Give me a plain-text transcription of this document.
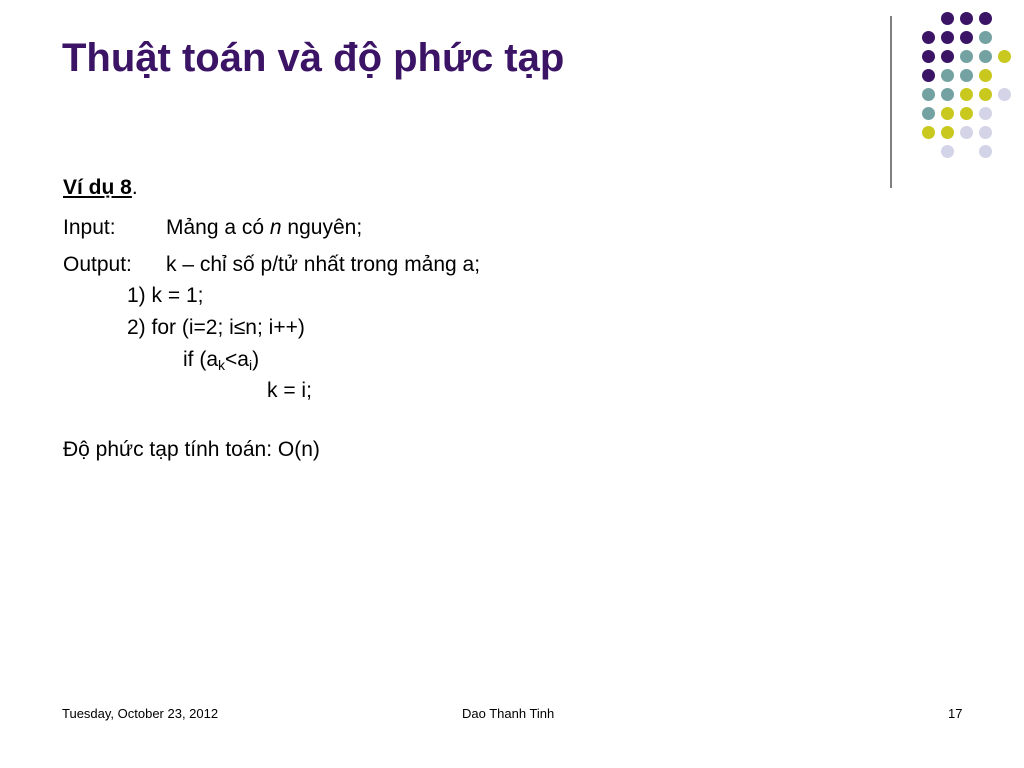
Thuật toán và độ phức tạp
Ví dụ 8.
Input: Mảng a có n nguyên;
Output: k – chỉ số p/tử nhất trong mảng a;
1) k = 1;
2) for (i=2; i≤n; i++)
if $(a_k<a_i)$
k = i;
Độ phức tạp tính toán: O(n)
Tuesday, October 23, 2012	Dao Thanh Tinh	17
